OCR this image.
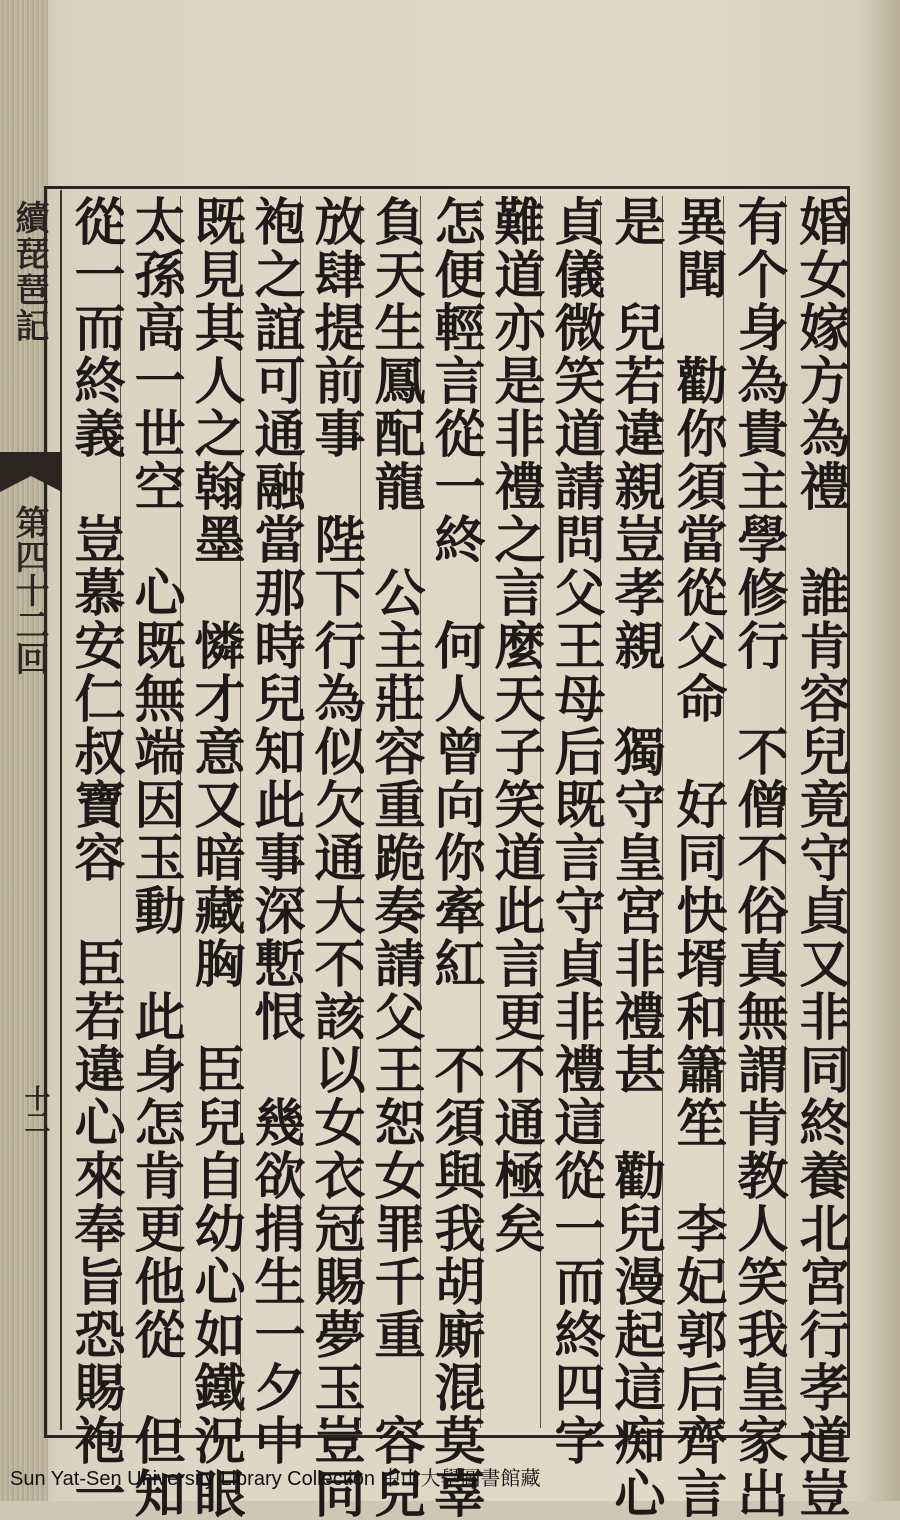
續琵琶記
第四十二回
十二	婚女嫁方為禮　誰肯容兒竟守貞又非同終養北宮行孝道豈
有个身為貴主學修行　不僧不俗真無謂肯教人笑我皇家出
異聞　勸你須當從父命　好同快壻和簫笙　李妃郭后齊言
是　兒若違親豈孝親　獨守皇宮非禮甚　勸兒漫起這痴心
貞儀微笑道請問父王母后既言守貞非禮這從一而終四字
難道亦是非禮之言麼天子笑道此言更不通極矣
怎便輕言從一終　何人曾向你牽紅　不須與我胡廝混莫辜
負天生鳳配龍　公主莊容重跪奏請父王恕女罪千重　容兒
放肆提前事　陛下行為似欠通大不該以女衣冠賜夢玉豈同
袍之誼可通融當那時兒知此事深慙恨　幾欲捐生一夕中
既見其人之翰墨　憐才意又暗藏胸　臣兒自幼心如鐵況眼
太孫高一世空　心既無端因玉動　此身怎肯更他從　但知
從一而終義　豈慕安仁叔寶容　臣若違心來奉旨恐賜袍一
Sun Yat-Sen University Library Collection 中山大學圖書館藏
